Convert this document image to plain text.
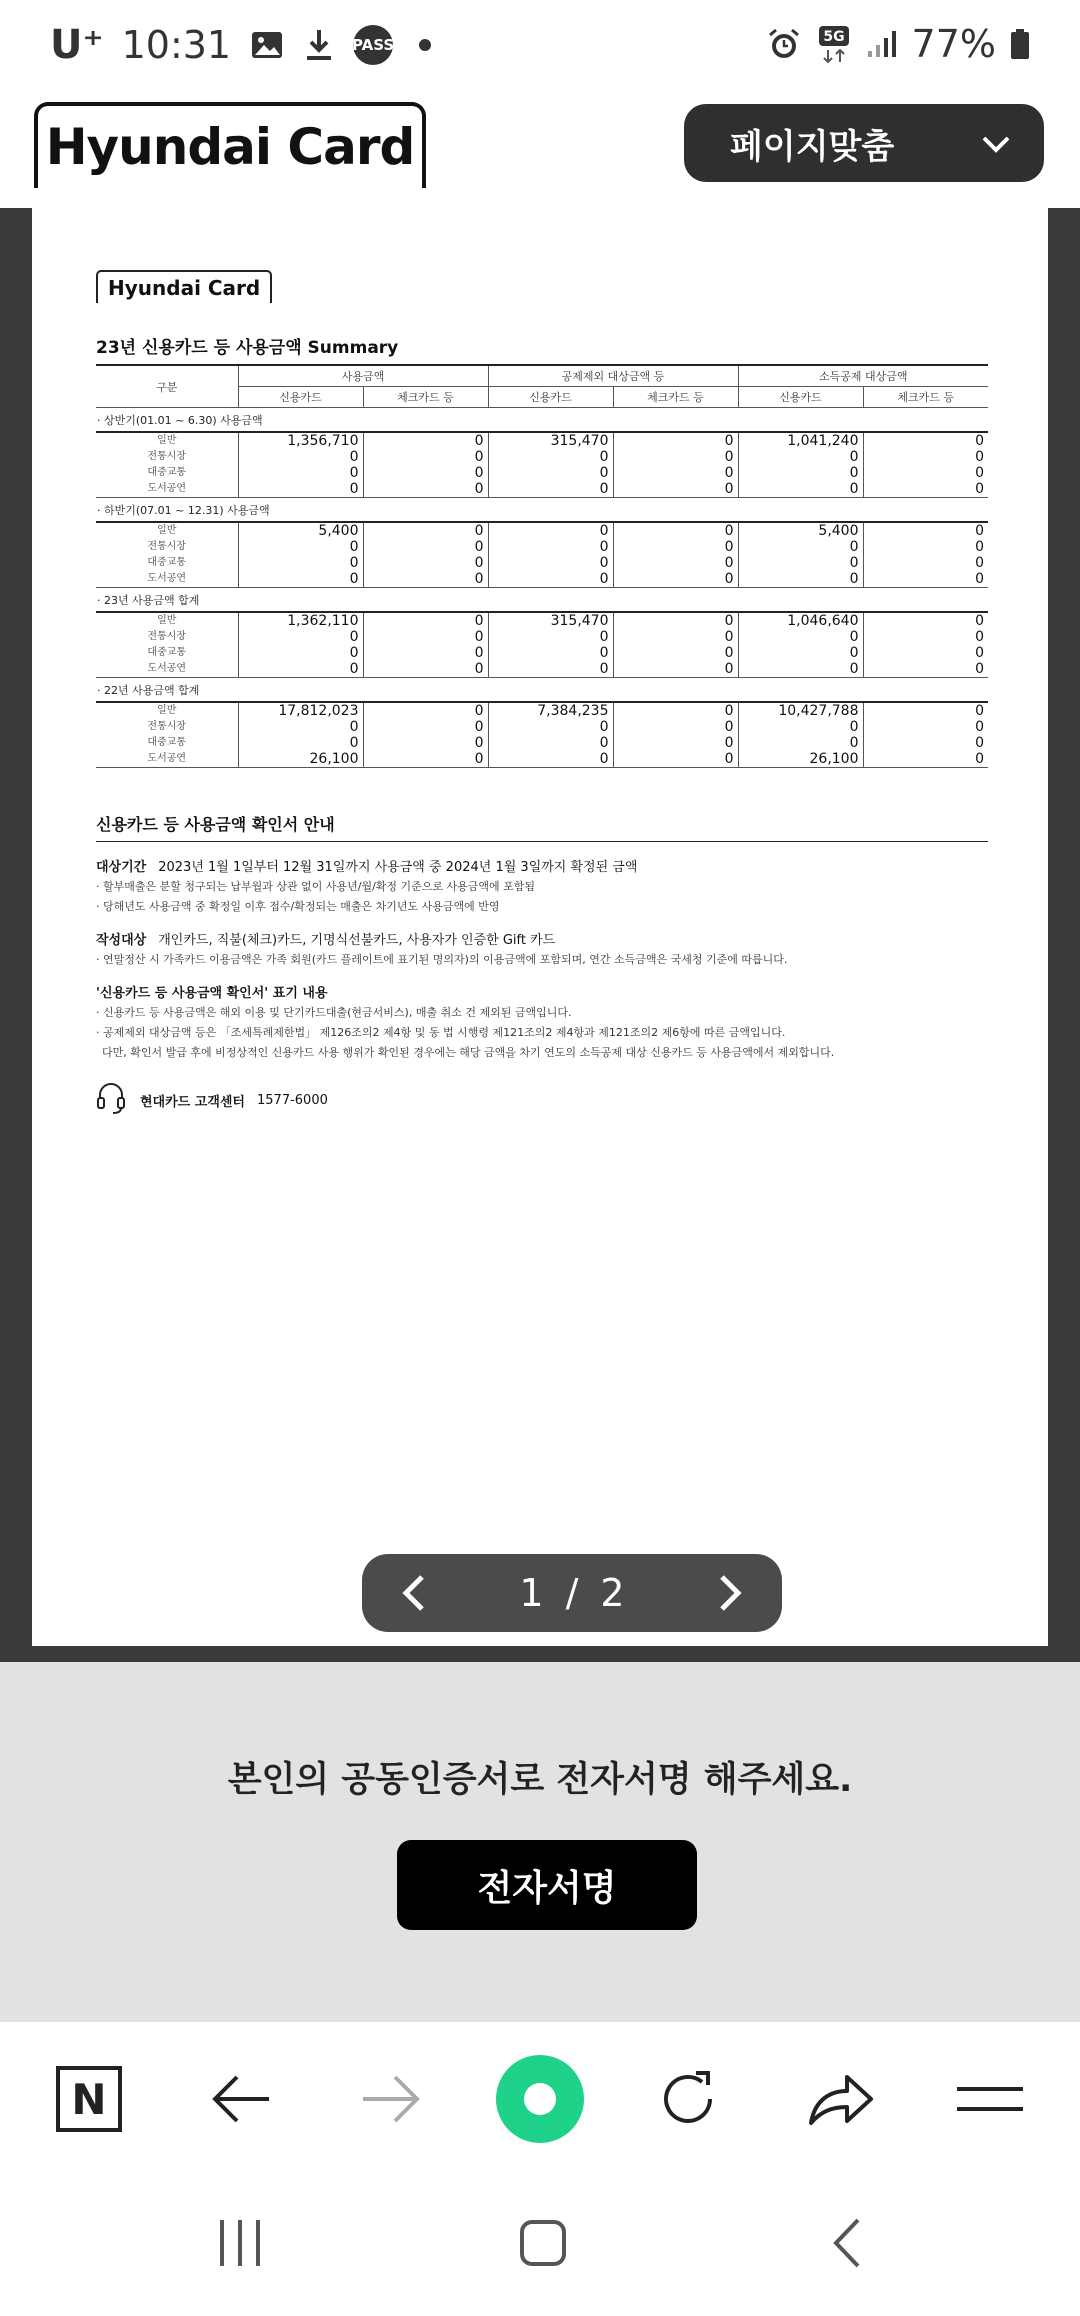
U⁺ 10:31	PASS	5G 77%
Hyundai Card	페이지맞춤
Hyundai Card
23년 신용카드 등 사용금액 Summary
구분	사용금액		공제제외 대상금액 등		소득공제 대상금액	
	신용카드	체크카드 등	신용카드	체크카드 등	신용카드	체크카드 등
· 상반기(01.01 ~ 6.30) 사용금액						
일반	1,356,710	0	315,470	0	1,041,240	0
전통시장	0	0	0	0	0	0
대중교통	0	0	0	0	0	0
도서공연	0	0	0	0	0	0
· 하반기(07.01 ~ 12.31) 사용금액						
일반	5,400	0	0	0	5,400	0
전통시장	0	0	0	0	0	0
대중교통	0	0	0	0	0	0
도서공연	0	0	0	0	0	0
· 23년 사용금액 합계						
일반	1,362,110	0	315,470	0	1,046,640	0
전통시장	0	0	0	0	0	0
대중교통	0	0	0	0	0	0
도서공연	0	0	0	0	0	0
· 22년 사용금액 합계						
일반	17,812,023	0	7,384,235	0	10,427,788	0
전통시장	0	0	0	0	0	0
대중교통	0	0	0	0	0	0
도서공연	26,100	0	0	0	26,100	0
신용카드 등 사용금액 확인서 안내
대상기간 2023년 1월 1일부터 12월 31일까지 사용금액 중 2024년 1월 3일까지 확정된 금액
· 할부매출은 분할 청구되는 납부월과 상관 없이 사용년/월/확정 기준으로 사용금액에 포함됨
· 당해년도 사용금액 중 확정일 이후 접수/확정되는 매출은 차기년도 사용금액에 반영
작성대상 개인카드, 직불(체크)카드, 기명식선불카드, 사용자가 인증한 Gift 카드
· 연말정산 시 가족카드 이용금액은 가족 회원(카드 플레이트에 표기된 명의자)의 이용금액에 포함되며, 연간 소득금액은 국세청 기준에 따릅니다.
'신용카드 등 사용금액 확인서' 표기 내용
· 신용카드 등 사용금액은 해외 이용 및 단기카드대출(현금서비스), 매출 취소 건 제외된 금액입니다.
· 공제제외 대상금액 등은 「조세특례제한법」 제126조의2 제4항 및 동 법 시행령 제121조의2 제4항과 제121조의2 제6항에 따른 금액입니다.
다만, 확인서 발급 후에 비정상적인 신용카드 사용 행위가 확인된 경우에는 해당 금액을 차기 연도의 소득공제 대상 신용카드 등 사용금액에서 제외합니다.
현대카드 고객센터 1577-6000
1 / 2
본인의 공동인증서로 전자서명 해주세요.
전자서명
N
